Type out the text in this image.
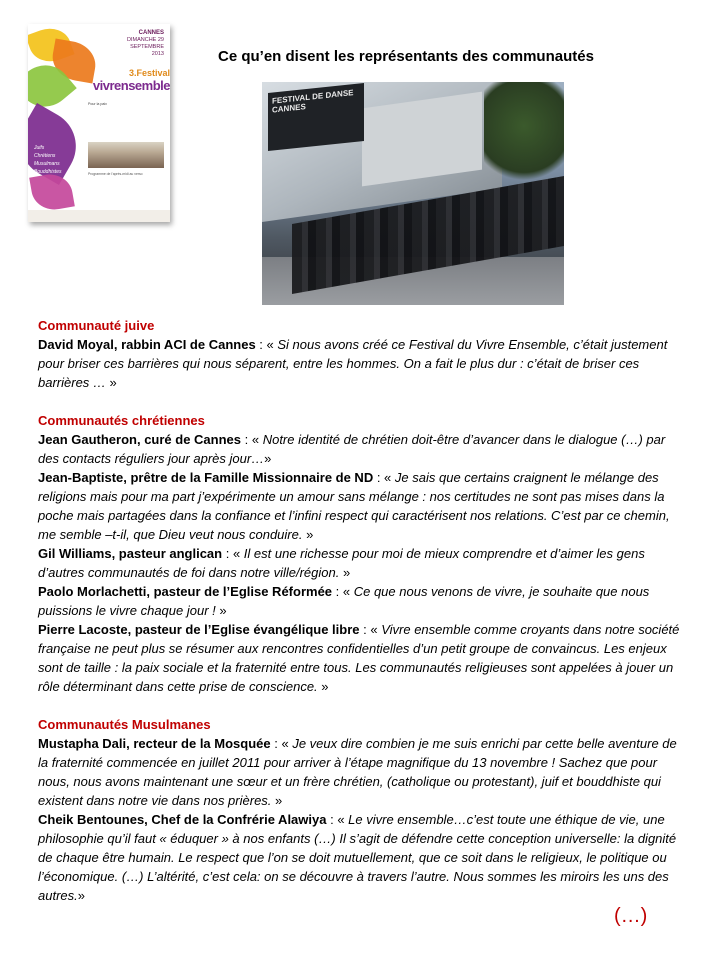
CANNES
DIMANCHE 29 SEPTEMBRE
2013
3.Festival
vivrensemble
Pour la paix
Juifs
Chrétiens
Musulmans
Bouddhistes	Programme de l'après-midi au verso
Ce qu’en disent les représentants des communautés
FESTIVAL DE DANSE CANNES

Communauté juive

David Moyal, rabbin ACI de Cannes : « Si nous avons créé ce Festival du Vivre Ensemble, c’était justement pour briser ces barrières qui nous séparent, entre les hommes. On a fait le plus dur : c’était de briser ces barrières … »

Communautés chrétiennes

Jean Gautheron, curé de Cannes : « Notre identité de chrétien doit-être d’avancer dans le dialogue (…) par des contacts réguliers jour après jour…»

Jean-Baptiste, prêtre de la Famille Missionnaire de ND : « Je sais que certains craignent le mélange des religions mais pour ma part j’expérimente un amour sans mélange : nos certitudes ne sont pas mises dans la poche mais partagées dans la confiance et l’infini respect qui caractérisent nos relations. C’est par ce chemin, me semble –t-il, que Dieu veut nous conduire. »

Gil Williams, pasteur anglican : « Il est une richesse pour moi de mieux comprendre et d’aimer les gens d’autres communautés de foi dans notre ville/région. »

Paolo Morlachetti, pasteur de l’Eglise Réformée : « Ce que nous venons de vivre, je souhaite que nous puissions le vivre chaque jour ! »

Pierre Lacoste, pasteur de l’Eglise évangélique libre : « Vivre ensemble comme croyants dans notre société française ne peut plus se résumer aux rencontres confidentielles d’un petit groupe de convaincus. Les enjeux sont de taille : la paix sociale et la fraternité entre tous. Les communautés religieuses sont appelées à jouer un rôle déterminant dans cette prise de conscience. »

Communautés Musulmanes

Mustapha Dali, recteur de la Mosquée : « Je veux dire combien je me suis enrichi par cette belle aventure de la fraternité commencée en juillet 2011 pour arriver à l’étape magnifique du 13 novembre ! Sachez que pour nous, nous avons maintenant une sœur et un frère chrétien, (catholique ou protestant), juif et bouddhiste qui existent dans notre vie dans nos prières. »

Cheik Bentounes, Chef de la Confrérie Alawiya : « Le vivre ensemble…c’est toute une éthique de vie, une philosophie qu’il faut « éduquer » à nos enfants (…) Il s’agit de défendre cette conception universelle: la dignité de chaque être humain. Le respect que l’on se doit mutuellement, que ce soit dans le religieux, le politique ou l’économique. (…) L’altérité, c’est cela: on se découvre à travers l’autre. Nous sommes les miroirs les uns des autres.»

(…)
